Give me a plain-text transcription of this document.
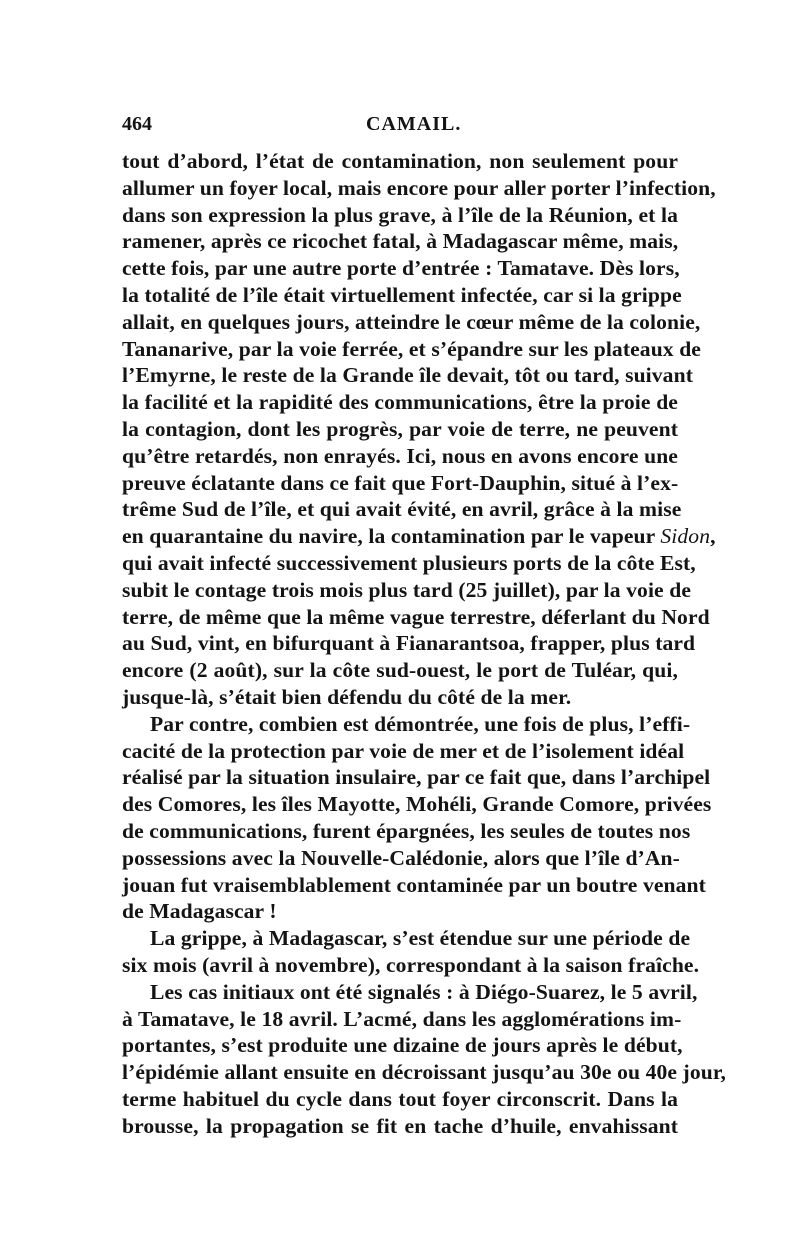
464	CAMAIL.
tout d’abord, l’état de contamination, non seulement pour
allumer un foyer local, mais encore pour aller porter l’infection,
dans son expression la plus grave, à l’île de la Réunion, et la
ramener, après ce ricochet fatal, à Madagascar même, mais,
cette fois, par une autre porte d’entrée : Tamatave. Dès lors,
la totalité de l’île était virtuellement infectée, car si la grippe
allait, en quelques jours, atteindre le cœur même de la colonie,
Tananarive, par la voie ferrée, et s’épandre sur les plateaux de
l’Emyrne, le reste de la Grande île devait, tôt ou tard, suivant
la facilité et la rapidité des communications, être la proie de
la contagion, dont les progrès, par voie de terre, ne peuvent
qu’être retardés, non enrayés. Ici, nous en avons encore une
preuve éclatante dans ce fait que Fort-Dauphin, situé à l’ex-
trême Sud de l’île, et qui avait évité, en avril, grâce à la mise
en quarantaine du navire, la contamination par le vapeur Sidon,
qui avait infecté successivement plusieurs ports de la côte Est,
subit le contage trois mois plus tard (25 juillet), par la voie de
terre, de même que la même vague terrestre, déferlant du Nord
au Sud, vint, en bifurquant à Fianarantsoa, frapper, plus tard
encore (2 août), sur la côte sud-ouest, le port de Tuléar, qui,
jusque-là, s’était bien défendu du côté de la mer.
Par contre, combien est démontrée, une fois de plus, l’effi-
cacité de la protection par voie de mer et de l’isolement idéal
réalisé par la situation insulaire, par ce fait que, dans l’archipel
des Comores, les îles Mayotte, Mohéli, Grande Comore, privées
de communications, furent épargnées, les seules de toutes nos
possessions avec la Nouvelle-Calédonie, alors que l’île d’An-
jouan fut vraisemblablement contaminée par un boutre venant
de Madagascar !
La grippe, à Madagascar, s’est étendue sur une période de
six mois (avril à novembre), correspondant à la saison fraîche.
Les cas initiaux ont été signalés : à Diégo-Suarez, le 5 avril,
à Tamatave, le 18 avril. L’acmé, dans les agglomérations im-
portantes, s’est produite une dizaine de jours après le début,
l’épidémie allant ensuite en décroissant jusqu’au 30e ou 40e jour,
terme habituel du cycle dans tout foyer circonscrit. Dans la
brousse, la propagation se fit en tache d’huile, envahissant
